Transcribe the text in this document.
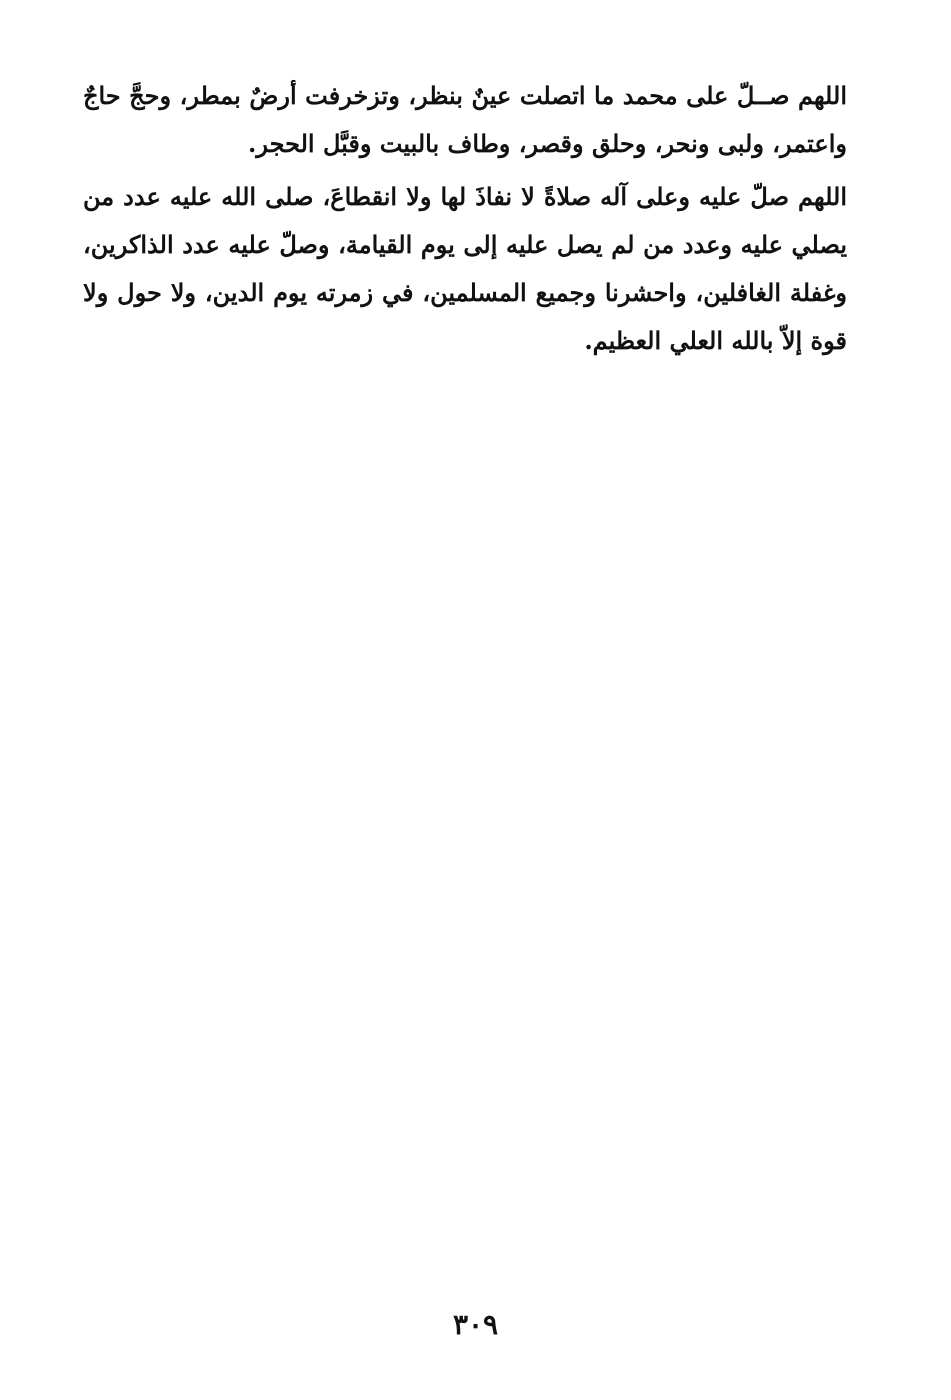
اللهم صــلّ على محمد ما اتصلت عينٌ بنظر، وتزخرفت أرضٌ بمطر، وحجَّ حاجٌ واعتمر، ولبى ونحر، وحلق وقصر، وطاف بالبيت وقبَّل الحجر.

اللهم صلّ عليه وعلى آله صلاةً لا نفاذَ لها ولا انقطاعَ، صلى الله عليه عدد من يصلي عليه وعدد من لم يصل عليه إلى يوم القيامة، وصلّ عليه عدد الذاكرين، وغفلة الغافلين، واحشرنا وجميع المسلمين، في زمرته يوم الدين، ولا حول ولا قوة إلاّ بالله العلي العظيم.

٣٠٩
